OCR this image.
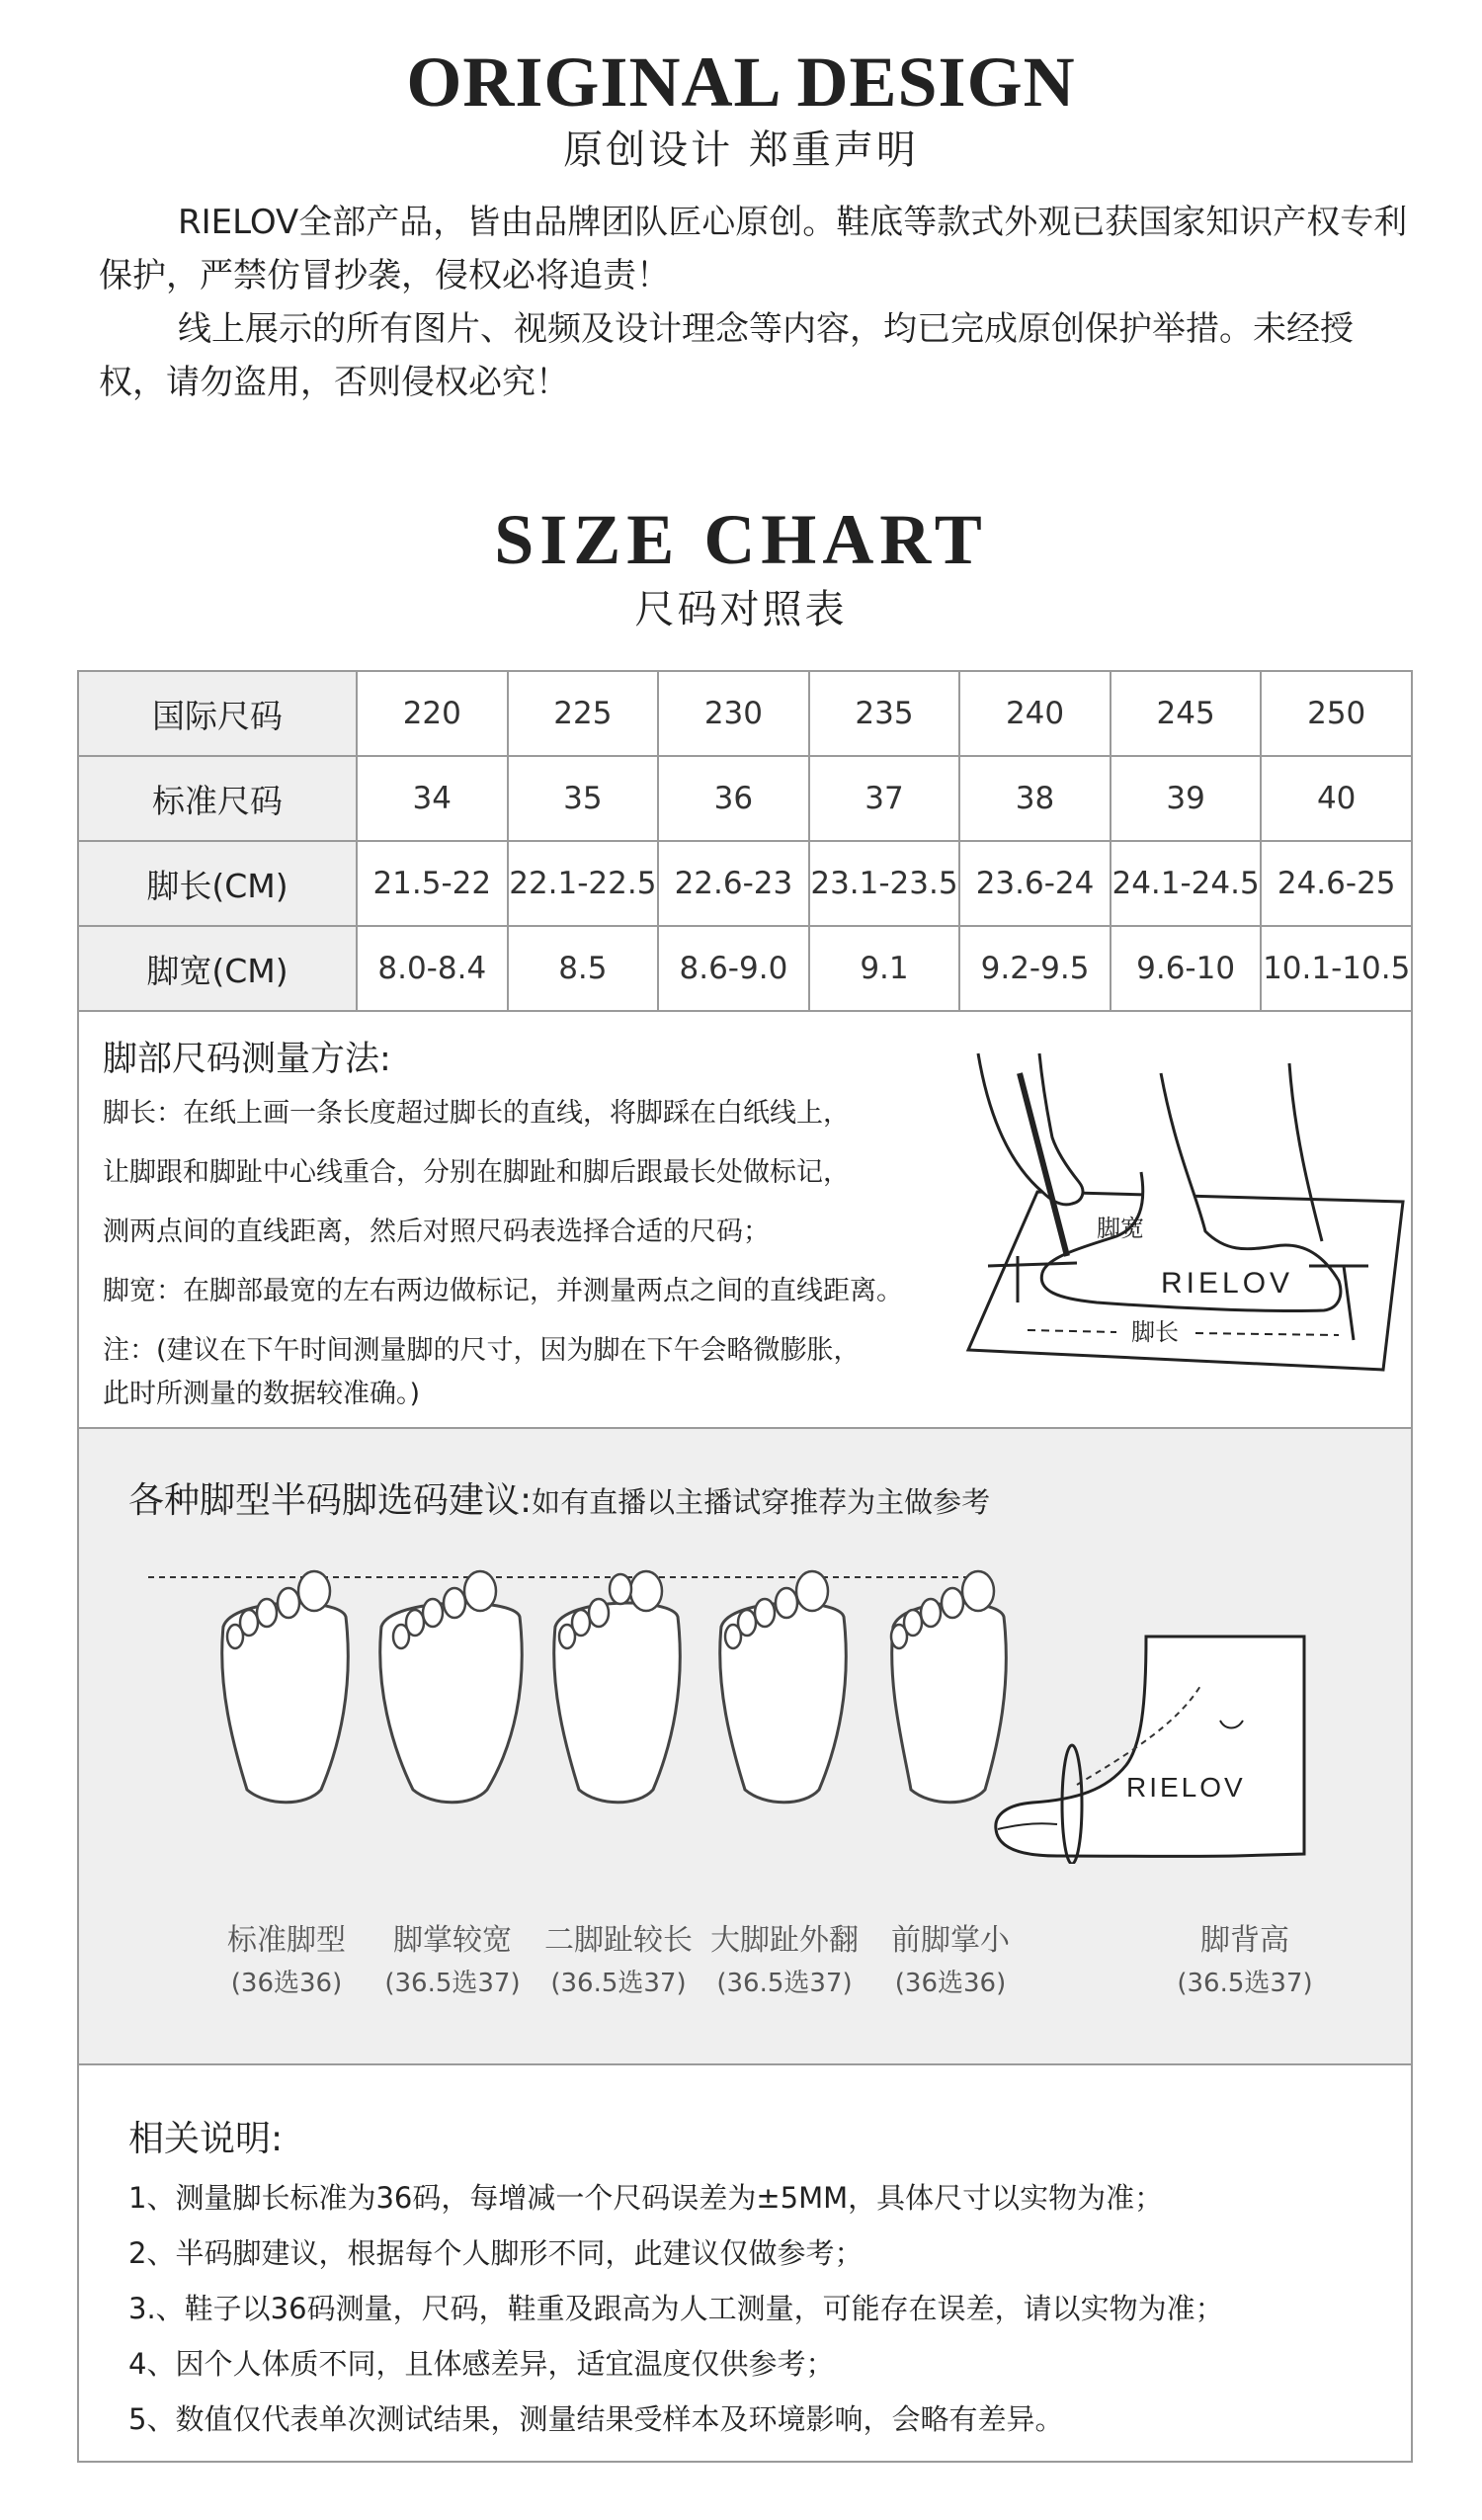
ORIGINAL DESIGN
原创设计 郑重声明
RIELOV全部产品，皆由品牌团队匠心原创。鞋底等款式外观已获国家知识产权专利保护，严禁仿冒抄袭，侵权必将追责！
线上展示的所有图片、视频及设计理念等内容，均已完成原创保护举措。未经授权，请勿盗用，否则侵权必究！
SIZE CHART
尺码对照表
国际尺码	220	225	230	235	240	245	250
标准尺码	34	35	36	37	38	39	40
脚长(CM)	21.5-22	22.1-22.5	22.6-23	23.1-23.5	23.6-24	24.1-24.5	24.6-25
脚宽(CM)	8.0-8.4	8.5	8.6-9.0	9.1	9.2-9.5	9.6-10	10.1-10.5
脚部尺码测量方法:
脚长：在纸上画一条长度超过脚长的直线，将脚踩在白纸线上，
让脚跟和脚趾中心线重合，分别在脚趾和脚后跟最长处做标记，
测两点间的直线距离，然后对照尺码表选择合适的尺码；
脚宽：在脚部最宽的左右两边做标记，并测量两点之间的直线距离。
注：(建议在下午时间测量脚的尺寸，因为脚在下午会略微膨胀，
此时所测量的数据较准确。)
脚宽
脚长
RIELOV
各种脚型半码脚选码建议:如有直播以主播试穿推荐为主做参考
标准脚型
(36选36)
脚掌较宽
(36.5选37)
二脚趾较长
(36.5选37)
大脚趾外翻
(36.5选37)
前脚掌小
(36选36)
RIELOV
脚背高
(36.5选37)
相关说明:
1、测量脚长标准为36码，每增减一个尺码误差为±5MM，具体尺寸以实物为准；
2、半码脚建议，根据每个人脚形不同，此建议仅做参考；
3.、鞋子以36码测量，尺码，鞋重及跟高为人工测量，可能存在误差，请以实物为准；
4、因个人体质不同，且体感差异，适宜温度仅供参考；
5、数值仅代表单次测试结果，测量结果受样本及环境影响，会略有差异。
